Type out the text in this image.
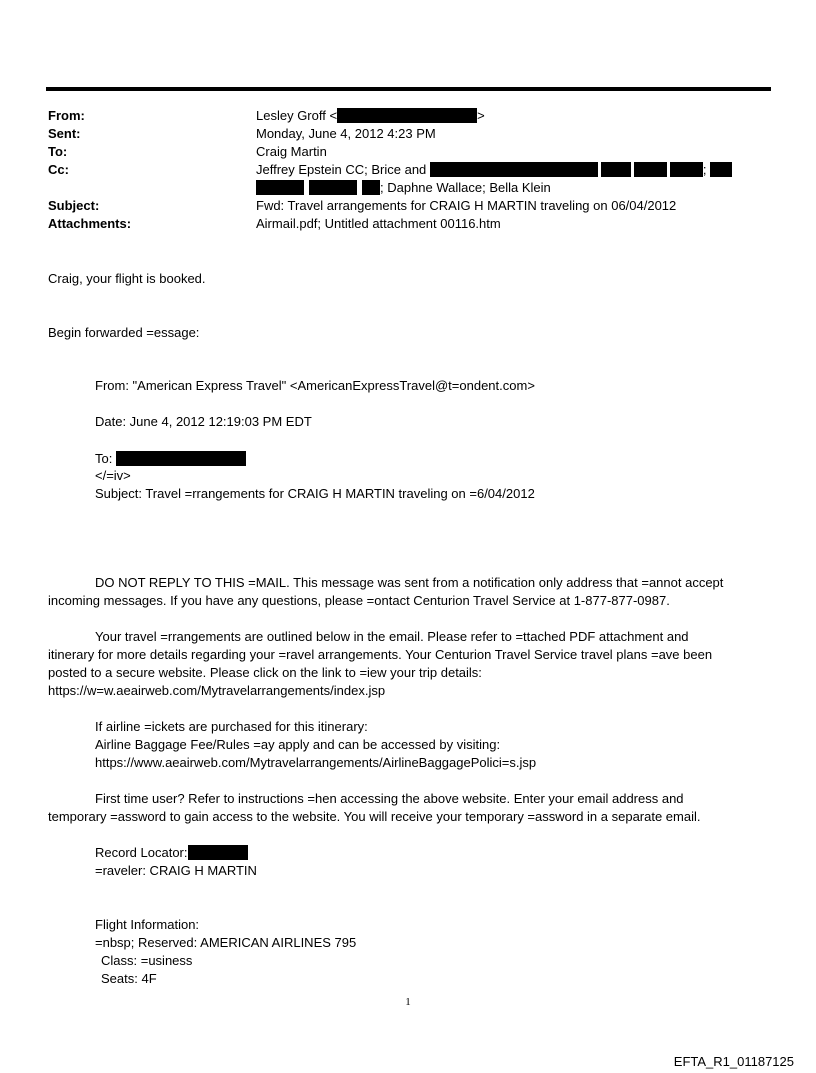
From:	Lesley Groff <	>
Sent:	Monday, June 4, 2012 4:23 PM
To:	Craig Martin
Cc:	Jeffrey Epstein CC; Brice and	;
; Daphne Wallace; Bella Klein
Subject:	Fwd: Travel arrangements for CRAIG H MARTIN traveling on 06/04/2012
Attachments:	Airmail.pdf; Untitled attachment 00116.htm
Craig, your flight is booked.
Begin forwarded =essage:
From: "American Express Travel" <AmericanExpressTravel@t=ondent.com>
Date: June 4, 2012 12:19:03 PM EDT
To:
</=iv>
Subject: Travel =rrangements for CRAIG H MARTIN traveling on =6/04/2012
DO NOT REPLY TO THIS =MAIL. This message was sent from a notification only address that =annot accept
incoming messages. If you have any questions, please =ontact Centurion Travel Service at 1-877-877-0987.
Your travel =rrangements are outlined below in the email. Please refer to =ttached PDF attachment and
itinerary for more details regarding your =ravel arrangements. Your Centurion Travel Service travel plans =ave been
posted to a secure website. Please click on the link to =iew your trip details:
https://w=w.aeairweb.com/Mytravelarrangements/index.jsp
If airline =ickets are purchased for this itinerary:
Airline Baggage Fee/Rules =ay apply and can be accessed by visiting:
https://www.aeairweb.com/Mytravelarrangements/AirlineBaggagePolici=s.jsp
First time user? Refer to instructions =hen accessing the above website. Enter your email address and
temporary =assword to gain access to the website. You will receive your temporary =assword in a separate email.
Record Locator:
=raveler: CRAIG H MARTIN
Flight Information:
=nbsp; Reserved: AMERICAN AIRLINES 795
Class: =usiness
Seats: 4F
1
EFTA_R1_01187125
